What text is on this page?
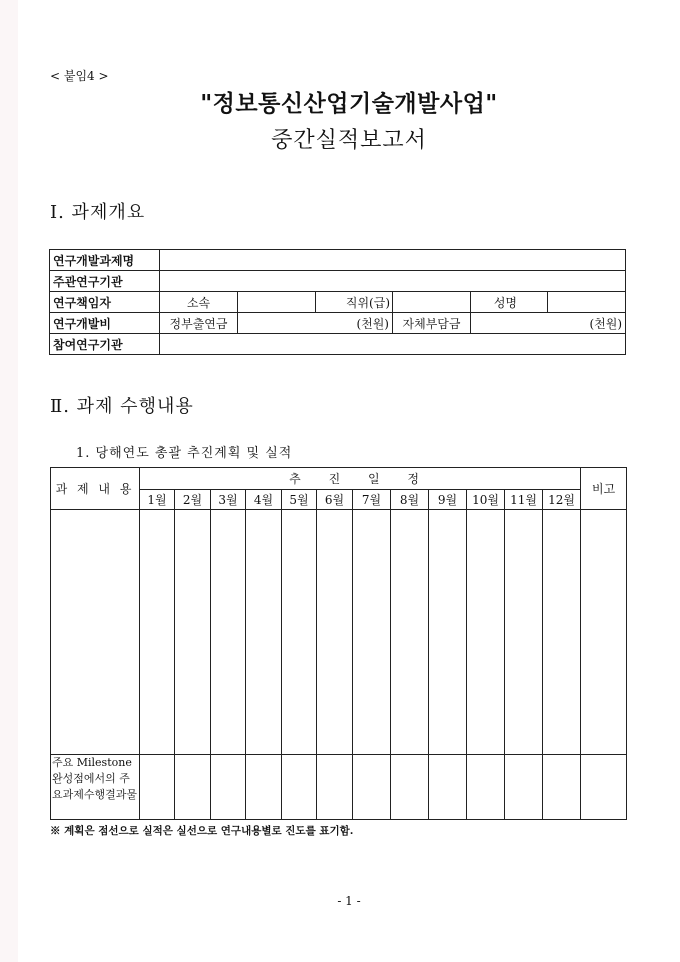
< 붙임4 >
"정보통신산업기술개발사업"
중간실적보고서
Ⅰ. 과제개요
연구개발과제명						
주관연구기관						
연구책임자	소속		직위(급)		성명	
연구개발비	정부출연금	(천원)		자체부담금	(천원)	
참여연구기관						
Ⅱ. 과제 수행내용
1. 당해연도 총괄 추진계획 및 실적
과 제 내 용	추 진 일 정												비고
	1월	2월	3월	4월	5월	6월	7월	8월	9월	10월	11월	12월	

주요 Milestone 완성점에서의 주요과제수행결과물													
※ 계획은 점선으로 실적은 실선으로 연구내용별로 진도를 표기함.
- 1 -
